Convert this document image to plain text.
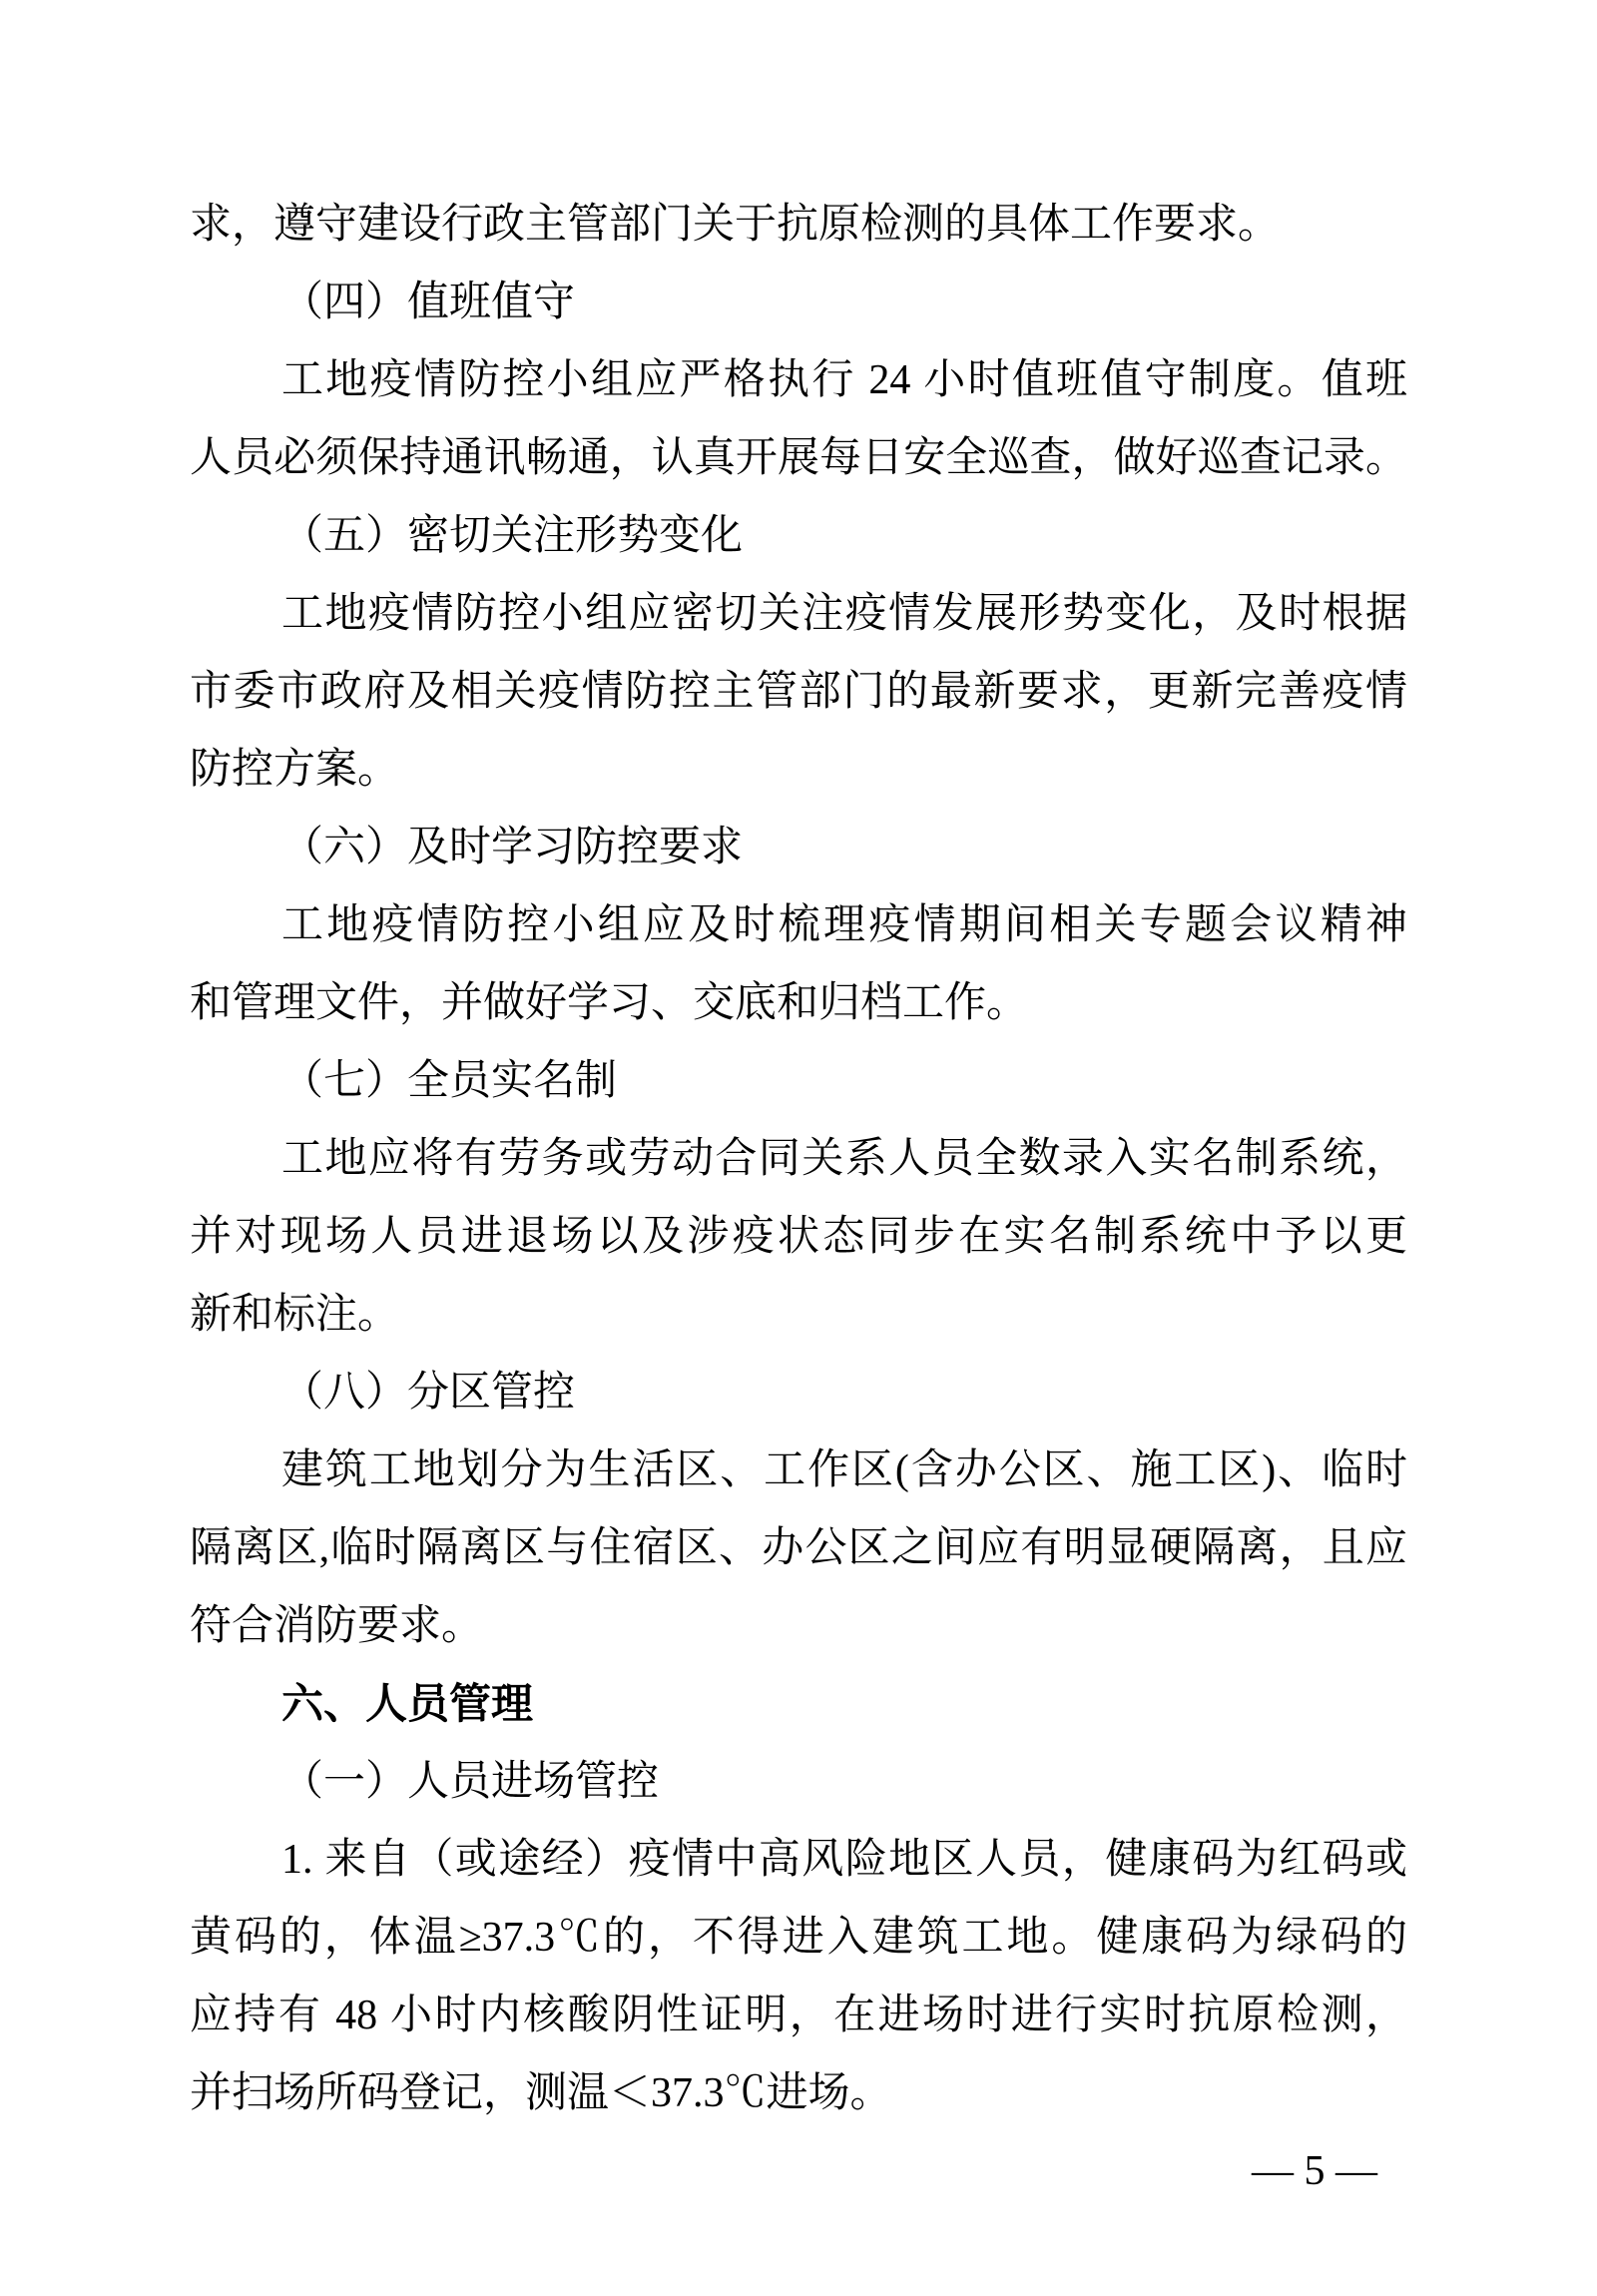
求，遵守建设行政主管部门关于抗原检测的具体工作要求。
（四）值班值守
工地疫情防控小组应严格执行 24 小时值班值守制度。值班
人员必须保持通讯畅通，认真开展每日安全巡查，做好巡查记录。
（五）密切关注形势变化
工地疫情防控小组应密切关注疫情发展形势变化，及时根据
市委市政府及相关疫情防控主管部门的最新要求，更新完善疫情
防控方案。
（六）及时学习防控要求
工地疫情防控小组应及时梳理疫情期间相关专题会议精神
和管理文件，并做好学习、交底和归档工作。
（七）全员实名制
工地应将有劳务或劳动合同关系人员全数录入实名制系统，
并对现场人员进退场以及涉疫状态同步在实名制系统中予以更
新和标注。
（八）分区管控
建筑工地划分为生活区、工作区(含办公区、施工区)、临时
隔离区,临时隔离区与住宿区、办公区之间应有明显硬隔离，且应
符合消防要求。
六、人员管理
（一）人员进场管控
1. 来自（或途经）疫情中高风险地区人员，健康码为红码或
黄码的，体温≥37.3℃的，不得进入建筑工地。健康码为绿码的
应持有 48 小时内核酸阴性证明，在进场时进行实时抗原检测，
并扫场所码登记，测温＜37.3℃进场。
— 5 —
